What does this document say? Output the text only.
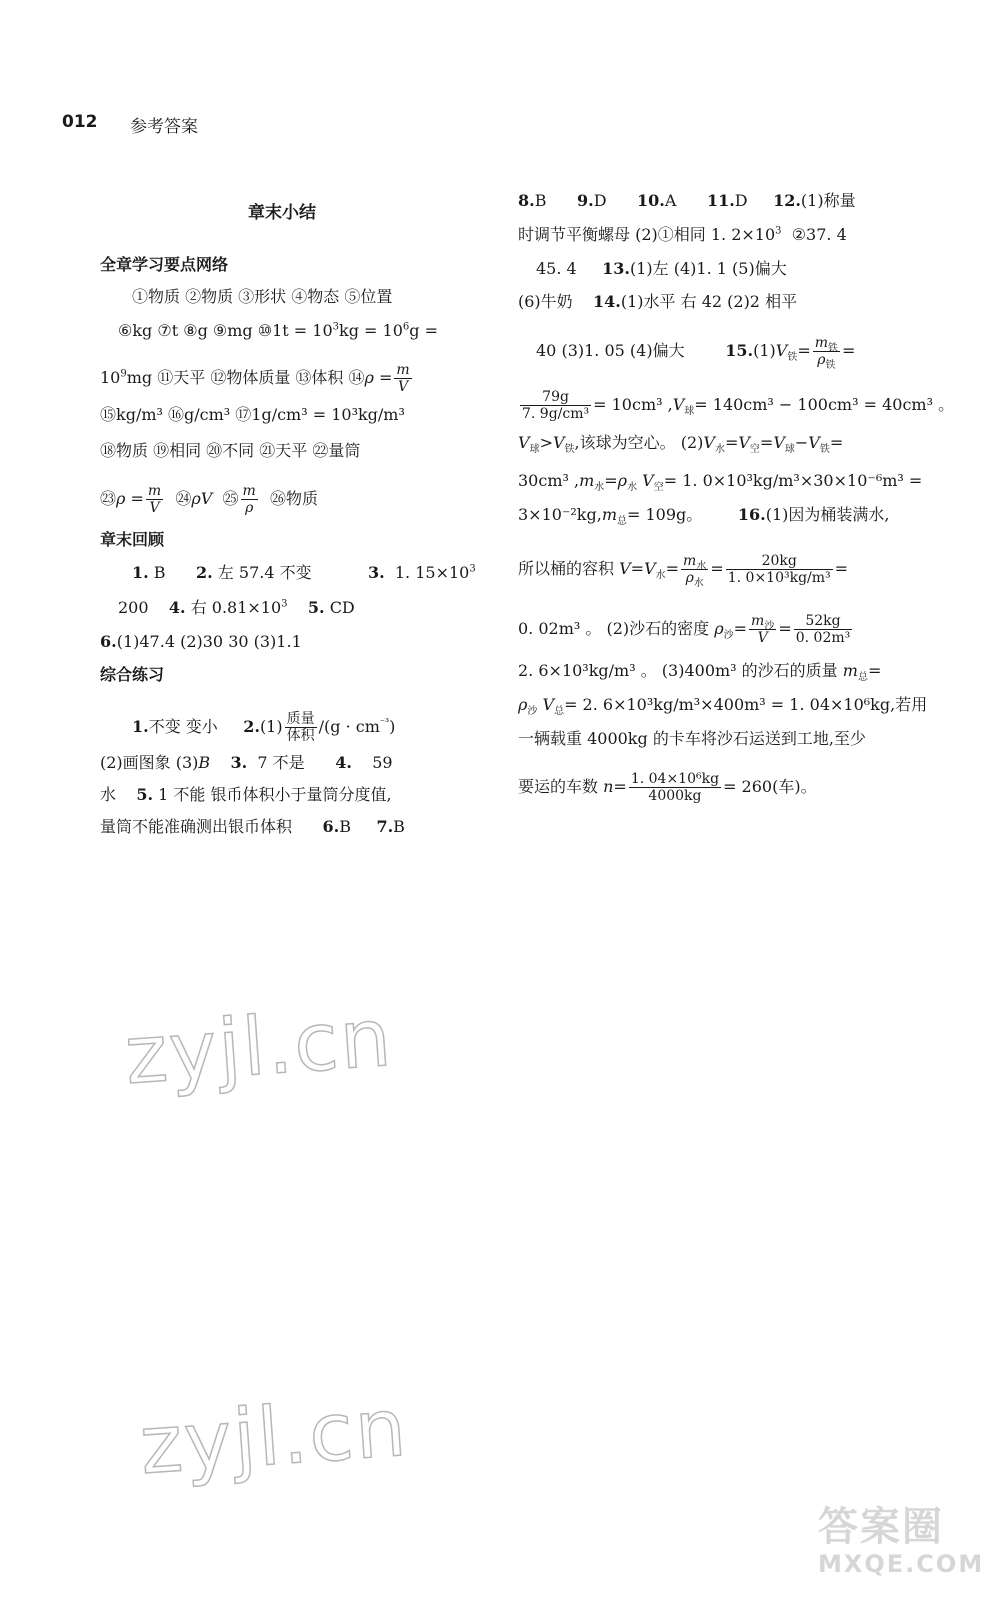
012 参考答案
章末小结
全章学习要点网络
①物质 ②物质 ③形状 ④物态 ⑤位置
⑥kg ⑦t ⑧g ⑨mg ⑩1t = $10^3kg = 10^6g$ =
$10^9mg$ ⑪天平 ⑫物体质量 ⑬体积 ⑭ρ = $\frac{m}{V}$
⑮kg/m³ ⑯g/cm³ ⑰1g/cm³ = 10³kg/m³
⑱物质 ⑲相同 ⑳不同 ㉑天平 ㉒量筒
㉓ρ = $\frac{m}{V}$ ㉔ρV ㉕ $\frac{m}{\rho}$ ㉖物质
章末回顾
1. B 2. 左 57.4 不变	3. 1. $15\times 10^3$
200 4. 右 $0.81\times 10^3$ 5. CD
6.(1)47.4 (2)30 30 (3)1.1
综合练习
1.不变 变小 2.(1) 质量
体积 $/(g \cdot cm^{^{-3}})$
(2)画图象 (3)B 3. 7 不是 4. 59
水 5. 1 不能 银币体积小于量筒分度值,
量筒不能准确测出银币体积 6.B 7.B
8.B 9.D 10.A 11.D 12.(1)称量
时调节平衡螺母 (2)①相同 1. $2\times 10^3$ ②37. 4
45. 4 13.(1)左 (4)1. 1 (5)偏大
(6)牛奶 14.(1)水平 右 42 (2)2 相平
40 (3)1. 05 (4)偏大	$15.(1)V_铁= m_铁$
$\rho_铁$
=
$\frac{79g}{\text{7. 9g/cm³}} = 10cm^3$ $,V_球= 140cm^3 - 100cm^3 = 40cm^3$ 。
$V_球>V_铁$,该球为空心。 $(2)V_水=V_空=V_球-V_铁=$
30cm³ $,m_水=\rho_水$ $V_空= 1$. 0×10³kg/m³×30×10⁻⁶m³ =
$3\times 10^{-2}kg,m_总= 109g$。 16.(1)因为桶装满水,
所以桶的容积 $V=V_水= m_水$
$\rho_水$
= $\frac{20kg}{\text{1. 0×10³kg/m³}}$ =
0. 02m³ 。 (2)沙石的密度 $\rho_沙= m_沙$
$V = \frac{52kg}{\text{0. 02m³}}$
2. 6×10³kg/m³ 。 (3)400m³ 的沙石的质量 $m_总=$
$\rho_沙$ $V_总= 2$. 6×10³kg/m³×400m³ = 1. 04×10⁶kg,若用
一辆载重 4000kg 的卡车将沙石运送到工地,至少
要运的车数 $n= \frac{\text{1. 04×10⁶kg}}{4000kg} = 260$(车)。
zyjl.cn
zyjl.cn
答案圈
MXQE.COM
